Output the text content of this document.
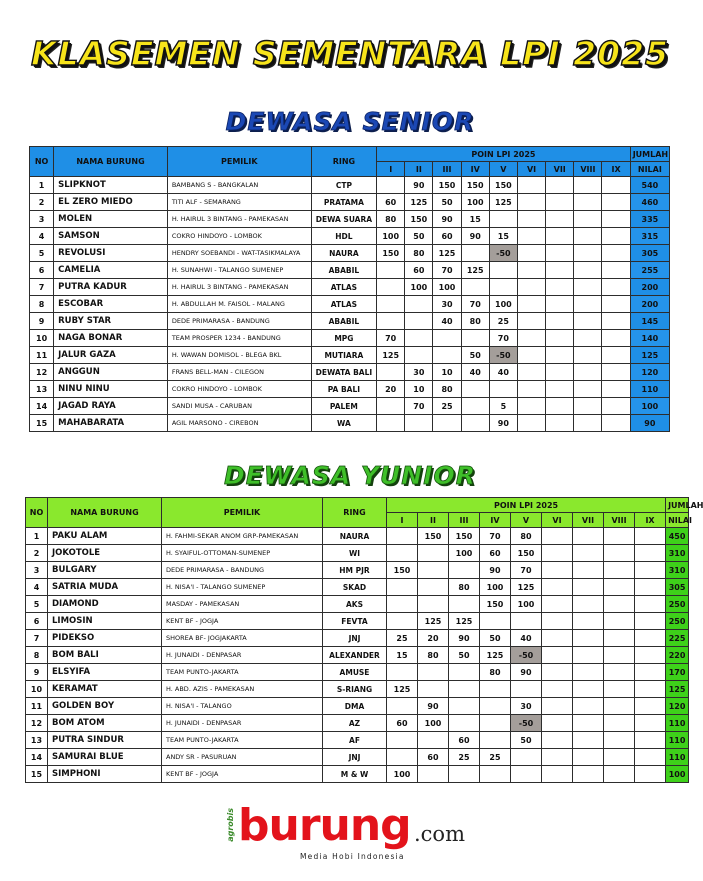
KLASEMEN SEMENTARA LPI 2025
DEWASA SENIOR
NO	NAMA BURUNG	PEMILIK	RING	POIN LPI 2025									JUMLAH
				I	II	III	IV	V	VI	VII	VIII	IX	NILAI
1	SLIPKNOT	BAMBANG S - BANGKALAN	CTP		90	150	150	150					540
2	EL ZERO MIEDO	TITI ALF - SEMARANG	PRATAMA	60	125	50	100	125					460
3	MOLEN	H. HAIRUL 3 BINTANG - PAMEKASAN	DEWA SUARA	80	150	90	15						335
4	SAMSON	COKRO HINDOYO - LOMBOK	HDL	100	50	60	90	15					315
5	REVOLUSI	HENDRY SOEBANDI - WAT-TASIKMALAYA	NAURA	150	80	125		-50					305
6	CAMELIA	H. SUNAHWI - TALANGO SUMENEP	ABABIL		60	70	125						255
7	PUTRA KADUR	H. HAIRUL 3 BINTANG - PAMEKASAN	ATLAS		100	100							200
8	ESCOBAR	H. ABDULLAH M. FAISOL - MALANG	ATLAS			30	70	100					200
9	RUBY STAR	DEDE PRIMARASA - BANDUNG	ABABIL			40	80	25					145
10	NAGA BONAR	TEAM PROSPER 1234 - BANDUNG	MPG	70				70					140
11	JALUR GAZA	H. WAWAN DOMISOL - BLEGA BKL	MUTIARA	125			50	-50					125
12	ANGGUN	FRANS BELL-MAN - CILEGON	DEWATA BALI		30	10	40	40					120
13	NINU NINU	COKRO HINDOYO - LOMBOK	PA BALI	20	10	80							110
14	JAGAD RAYA	SANDI MUSA - CARUBAN	PALEM		70	25		5					100
15	MAHABARATA	AGIL MARSONO - CIREBON	WA					90					90
DEWASA YUNIOR
NO	NAMA BURUNG	PEMILIK	RING	POIN LPI 2025									JUMLAH
				I	II	III	IV	V	VI	VII	VIII	IX	NILAI
1	PAKU ALAM	H. FAHMI-SEKAR ANOM GRP-PAMEKASAN	NAURA		150	150	70	80					450
2	JOKOTOLE	H. SYAIFUL-OTTOMAN-SUMENEP	WI			100	60	150					310
3	BULGARY	DEDE PRIMARASA - BANDUNG	HM PJR	150			90	70					310
4	SATRIA MUDA	H. NISA'I - TALANGO SUMENEP	SKAD			80	100	125					305
5	DIAMOND	MASDAY - PAMEKASAN	AKS				150	100					250
6	LIMOSIN	KENT BF - JOGJA	FEVTA		125	125							250
7	PIDEKSO	SHOREA BF- JOGJAKARTA	JNJ	25	20	90	50	40					225
8	BOM BALI	H. JUNAIDI - DENPASAR	ALEXANDER	15	80	50	125	-50					220
9	ELSYIFA	TEAM PUNTO-JAKARTA	AMUSE				80	90					170
10	KERAMAT	H. ABD. AZIS - PAMEKASAN	S-RIANG	125									125
11	GOLDEN BOY	H. NISA'I - TALANGO	DMA		90			30					120
12	BOM ATOM	H. JUNAIDI - DENPASAR	AZ	60	100			-50					110
13	PUTRA SINDUR	TEAM PUNTO-JAKARTA	AF			60		50					110
14	SAMURAI BLUE	ANDY SR - PASURUAN	JNJ		60	25	25						110
15	SIMPHONI	KENT BF - JOGJA	M & W	100									100
agrobis burung .com
Media Hobi Indonesia
